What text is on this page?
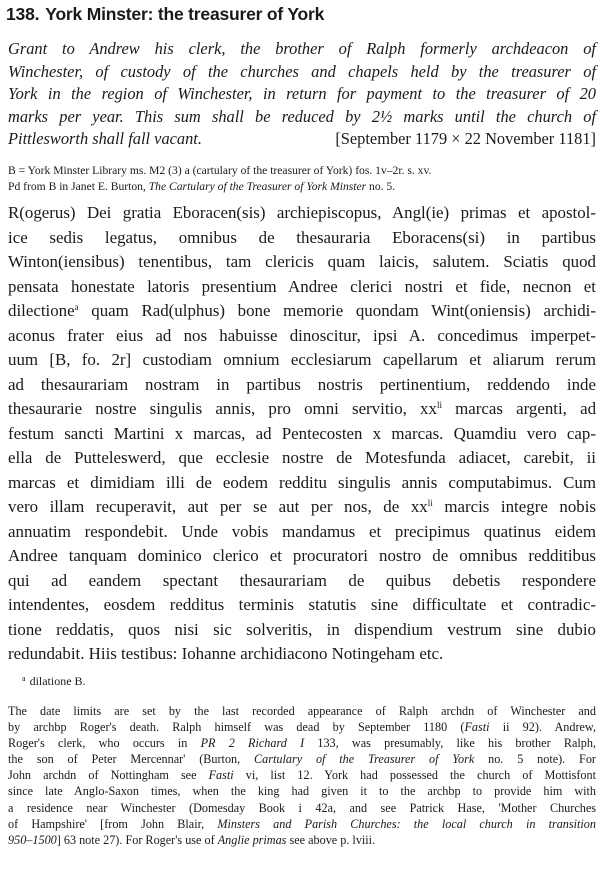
138. York Minster: the treasurer of York
Grant to Andrew his clerk, the brother of Ralph formerly archdeacon of
Winchester, of custody of the churches and chapels held by the treasurer of
York in the region of Winchester, in return for payment to the treasurer of 20
marks per year. This sum shall be reduced by 2½ marks until the church of
Pittlesworth shall fall vacant.	[September 1179 × 22 November 1181]
B = York Minster Library ms. M2 (3) a (cartulary of the treasurer of York) fos. 1v–2r. s. xv.
Pd from B in Janet E. Burton, The Cartulary of the Treasurer of York Minster no. 5.
R(ogerus) Dei gratia Eboracen(sis) archiepiscopus, Angl(ie) primas et apostol-
ice sedis legatus, omnibus de thesauraria Eboracens(si) in partibus
Winton(iensibus) tenentibus, tam clericis quam laicis, salutem. Sciatis quod
pensata honestate latoris presentium Andree clerici nostri et fide, necnon et
dilectione$^a$ quam Rad(ulphus) bone memorie quondam Wint(oniensis) archidi-
aconus frater eius ad nos habuisse dinoscitur, ipsi A. concedimus imperpet-
uum [B, fo. 2r] custodiam omnium ecclesiarum capellarum et aliarum rerum
ad thesaurariam nostram in partibus nostris pertinentium, reddendo inde
thesaurarie nostre singulis annis, pro omni servitio, $xx^{li}$ marcas argenti, ad
festum sancti Martini x marcas, ad Pentecosten x marcas. Quamdiu vero cap-
ella de Putteleswerd, que ecclesie nostre de Motesfunda adiacet, carebit, ii
marcas et dimidiam illi de eodem redditu singulis annis computabimus. Cum
vero illam recuperavit, aut per se aut per nos, de $xx^{li}$ marcis integre nobis
annuatim respondebit. Unde vobis mandamus et precipimus quatinus eidem
Andree tanquam dominico clerico et procuratori nostro de omnibus redditibus
qui ad eandem spectant thesaurariam de quibus debetis respondere
intendentes, eosdem redditus terminis statutis sine difficultate et contradic-
tione reddatis, quos nisi sic solveritis, in dispendium vestrum sine dubio
redundabit. Hiis testibus: Iohanne archidiacono Notingeham etc.
$^a$ dilatione B.
The date limits are set by the last recorded appearance of Ralph archdn of Winchester and
by archbp Roger's death. Ralph himself was dead by September 1180 (Fasti ii 92). Andrew,
Roger's clerk, who occurs in PR 2 Richard I 133, was presumably, like his brother Ralph,
the son of Peter Mercennar' (Burton, Cartulary of the Treasurer of York no. 5 note). For
John archdn of Nottingham see Fasti vi, list 12. York had possessed the church of Mottisfont
since late Anglo-Saxon times, when the king had given it to the archbp to provide him with
a residence near Winchester (Domesday Book i 42a, and see Patrick Hase, 'Mother Churches
of Hampshire' [from John Blair, Minsters and Parish Churches: the local church in transition
950–1500] 63 note 27). For Roger's use of Anglie primas see above p. lviii.
